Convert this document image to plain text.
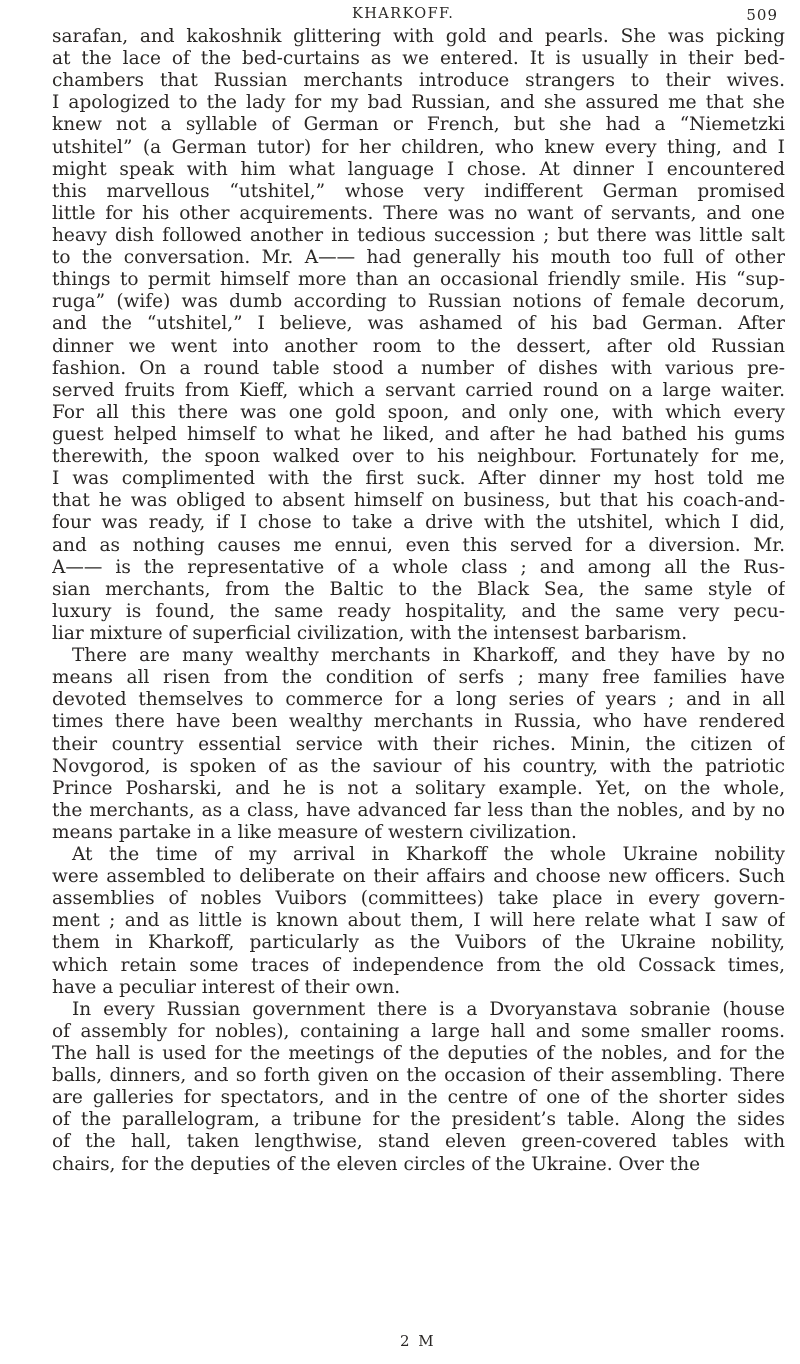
KHARKOFF.	509
sarafan, and kakoshnik glittering with gold and pearls. She was picking
at the lace of the bed-curtains as we entered. It is usually in their bed-
chambers that Russian merchants introduce strangers to their wives.
I apologized to the lady for my bad Russian, and she assured me that she
knew not a syllable of German or French, but she had a “Niemetzki
utshitel” (a German tutor) for her children, who knew every thing, and I
might speak with him what language I chose. At dinner I encountered
this marvellous “utshitel,” whose very indifferent German promised
little for his other acquirements. There was no want of servants, and one
heavy dish followed another in tedious succession ; but there was little salt
to the conversation. Mr. A—— had generally his mouth too full of other
things to permit himself more than an occasional friendly smile. His “sup-
ruga” (wife) was dumb according to Russian notions of female decorum,
and the “utshitel,” I believe, was ashamed of his bad German. After
dinner we went into another room to the dessert, after old Russian
fashion. On a round table stood a number of dishes with various pre-
served fruits from Kieff, which a servant carried round on a large waiter.
For all this there was one gold spoon, and only one, with which every
guest helped himself to what he liked, and after he had bathed his gums
therewith, the spoon walked over to his neighbour. Fortunately for me,
I was complimented with the first suck. After dinner my host told me
that he was obliged to absent himself on business, but that his coach-and-
four was ready, if I chose to take a drive with the utshitel, which I did,
and as nothing causes me ennui, even this served for a diversion. Mr.
A—— is the representative of a whole class ; and among all the Rus-
sian merchants, from the Baltic to the Black Sea, the same style of
luxury is found, the same ready hospitality, and the same very pecu-
liar mixture of superficial civilization, with the intensest barbarism.
There are many wealthy merchants in Kharkoff, and they have by no
means all risen from the condition of serfs ; many free families have
devoted themselves to commerce for a long series of years ; and in all
times there have been wealthy merchants in Russia, who have rendered
their country essential service with their riches. Minin, the citizen of
Novgorod, is spoken of as the saviour of his country, with the patriotic
Prince Posharski, and he is not a solitary example. Yet, on the whole,
the merchants, as a class, have advanced far less than the nobles, and by no
means partake in a like measure of western civilization.
At the time of my arrival in Kharkoff the whole Ukraine nobility
were assembled to deliberate on their affairs and choose new officers. Such
assemblies of nobles Vuibors (committees) take place in every govern-
ment ; and as little is known about them, I will here relate what I saw of
them in Kharkoff, particularly as the Vuibors of the Ukraine nobility,
which retain some traces of independence from the old Cossack times,
have a peculiar interest of their own.
In every Russian government there is a Dvoryanstava sobranie (house
of assembly for nobles), containing a large hall and some smaller rooms.
The hall is used for the meetings of the deputies of the nobles, and for the
balls, dinners, and so forth given on the occasion of their assembling. There
are galleries for spectators, and in the centre of one of the shorter sides
of the parallelogram, a tribune for the president’s table. Along the sides
of the hall, taken lengthwise, stand eleven green-covered tables with
chairs, for the deputies of the eleven circles of the Ukraine. Over the
2 M
